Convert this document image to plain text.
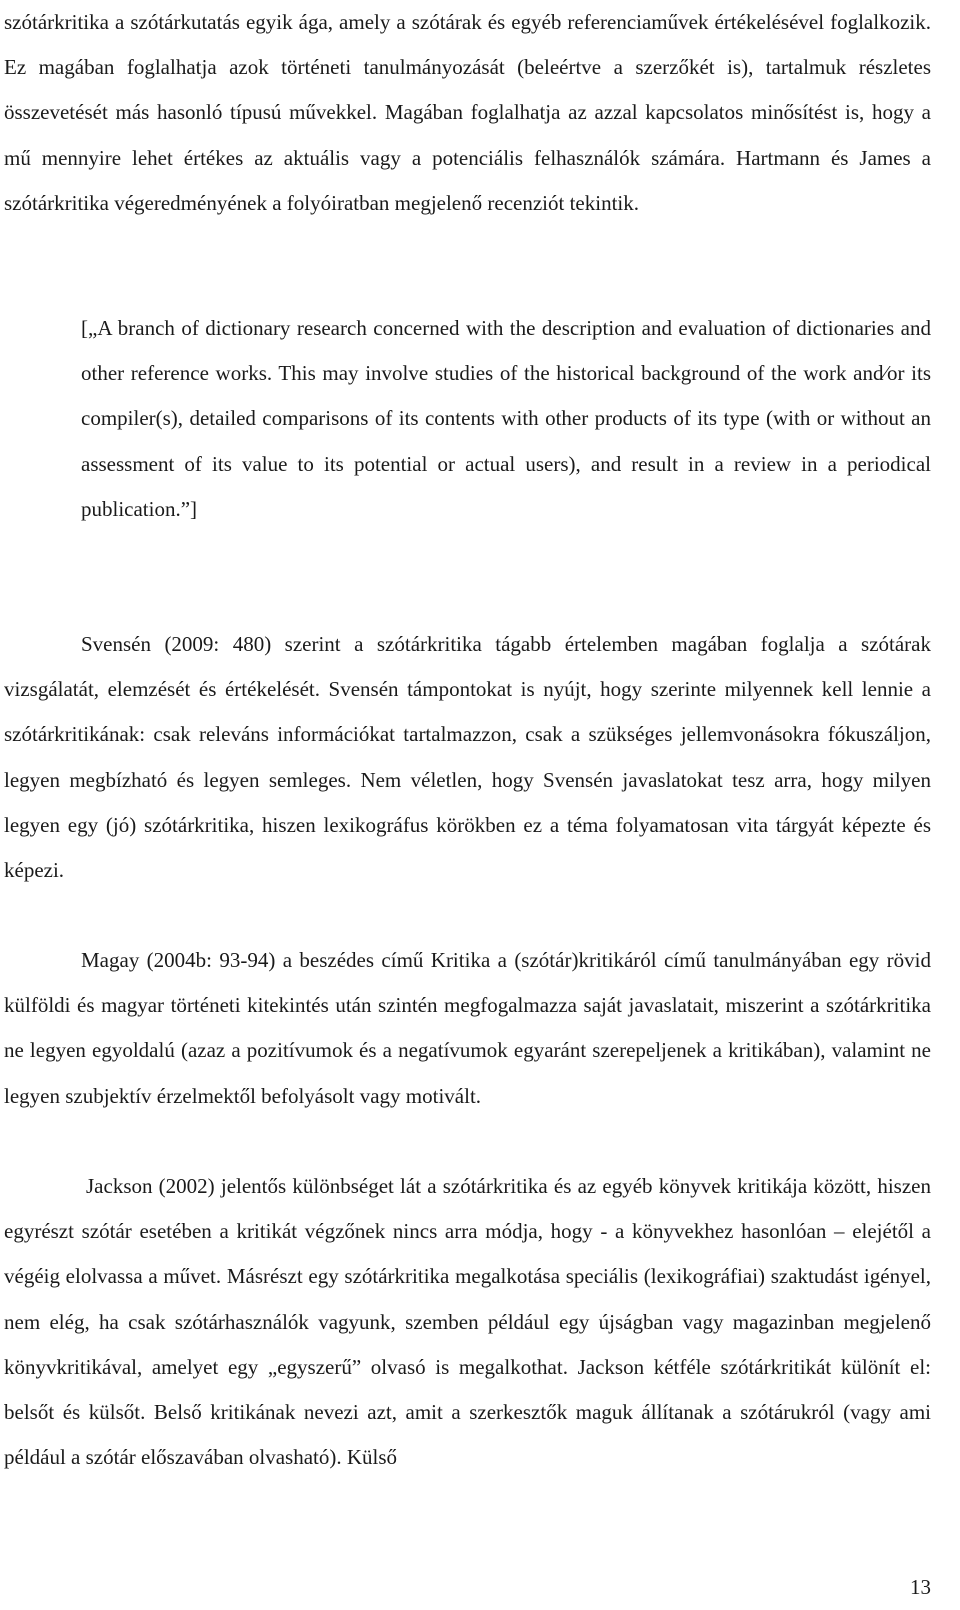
szótárkritika a szótárkutatás egyik ága, amely a szótárak és egyéb referenciaművek értékelésével foglalkozik. Ez magában foglalhatja azok történeti tanulmányozását (beleértve a szerzőkét is), tartalmuk részletes összevetését más hasonló típusú művekkel. Magában foglalhatja az azzal kapcsolatos minősítést is, hogy a mű mennyire lehet értékes az aktuális vagy a potenciális felhasználók számára. Hartmann és James a szótárkritika végeredményének a folyóiratban megjelenő recenziót tekintik.

[„A branch of dictionary research concerned with the description and evaluation of dictionaries and other reference works. This may involve studies of the historical background of the work and⁄or its compiler(s), detailed comparisons of its contents with other products of its type (with or without an assessment of its value to its potential or actual users), and result in a review in a periodical publication.”]

Svensén (2009: 480) szerint a szótárkritika tágabb értelemben magában foglalja a szótárak vizsgálatát, elemzését és értékelését. Svensén támpontokat is nyújt, hogy szerinte milyennek kell lennie a szótárkritikának: csak releváns információkat tartalmazzon, csak a szükséges jellemvonásokra fókuszáljon, legyen megbízható és legyen semleges. Nem véletlen, hogy Svensén javaslatokat tesz arra, hogy milyen legyen egy (jó) szótárkritika, hiszen lexikográfus körökben ez a téma folyamatosan vita tárgyát képezte és képezi.

Magay (2004b: 93-94) a beszédes című Kritika a (szótár)kritikáról című tanulmányában egy rövid külföldi és magyar történeti kitekintés után szintén megfogalmazza saját javaslatait, miszerint a szótárkritika ne legyen egyoldalú (azaz a pozitívumok és a negatívumok egyaránt szerepeljenek a kritikában), valamint ne legyen szubjektív érzelmektől befolyásolt vagy motivált.

Jackson (2002) jelentős különbséget lát a szótárkritika és az egyéb könyvek kritikája között, hiszen egyrészt szótár esetében a kritikát végzőnek nincs arra módja, hogy - a könyvekhez hasonlóan – elejétől a végéig elolvassa a művet. Másrészt egy szótárkritika megalkotása speciális (lexikográfiai) szaktudást igényel, nem elég, ha csak szótárhasználók vagyunk, szemben például egy újságban vagy magazinban megjelenő könyvkritikával, amelyet egy „egyszerű” olvasó is megalkothat. Jackson kétféle szótárkritikát különít el: belsőt és külsőt. Belső kritikának nevezi azt, amit a szerkesztők maguk állítanak a szótárukról (vagy ami például a szótár előszavában olvasható). Külső

13
